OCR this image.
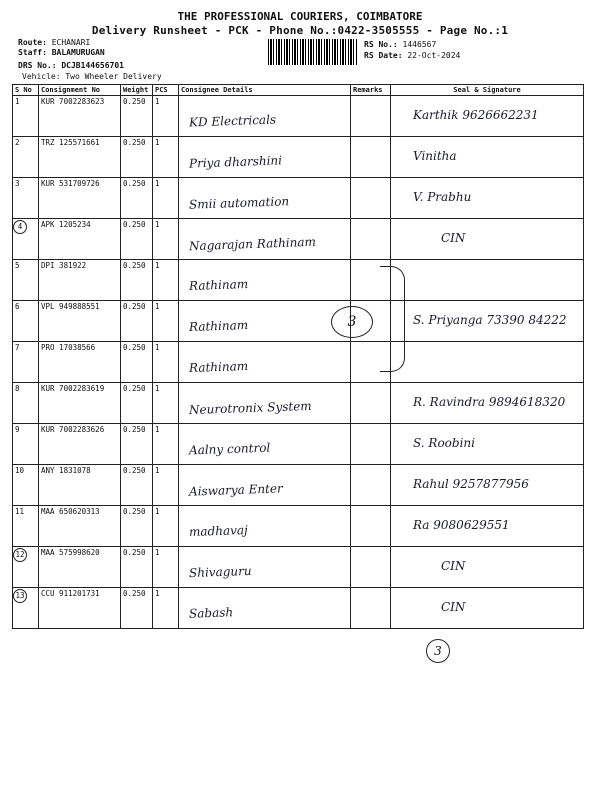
THE PROFESSIONAL COURIERS, COIMBATORE
Delivery Runsheet - PCK - Phone No.:0422-3505555 - Page No.:1
Route: ECHANARI
Staff: BALAMURUGAN
DRS No.: DCJB144656701
Vehicle: Two Wheeler Delivery
RS No.: 1446567
RS Date: 22-Oct-2024
S No	Consignment No	Weight	PCS	Consignee Details	Remarks	Seal & Signature
1	KUR 7002283623	0.250	1	KD Electricals		Karthik 9626662231

2	TRZ 125571661	0.250	1	Priya dharshini		Vinitha

3	KUR 531709726	0.250	1	Smii automation		V. Prabhu

4	APK 1205234	0.250	1	Nagarajan Rathinam		CIN

5	DPI 381922	0.250	1	Rathinam		

6	VPL 949888551	0.250	1	Rathinam		S. Priyanga 73390 84222

7	PRO 17038566	0.250	1	Rathinam		

8	KUR 7002283619	0.250	1	Neurotronix System		R. Ravindra 9894618320

9	KUR 7002283626	0.250	1	Aalny control		S. Roobini

10	ANY 1831078	0.250	1	Aiswarya Enter		Rahul 9257877956

11	MAA 650620313	0.250	1	madhavaj		Ra 9080629551

12	MAA 575998620	0.250	1	Shivaguru		CIN

13	CCU 911201731	0.250	1	Sabash		CIN
3
3
